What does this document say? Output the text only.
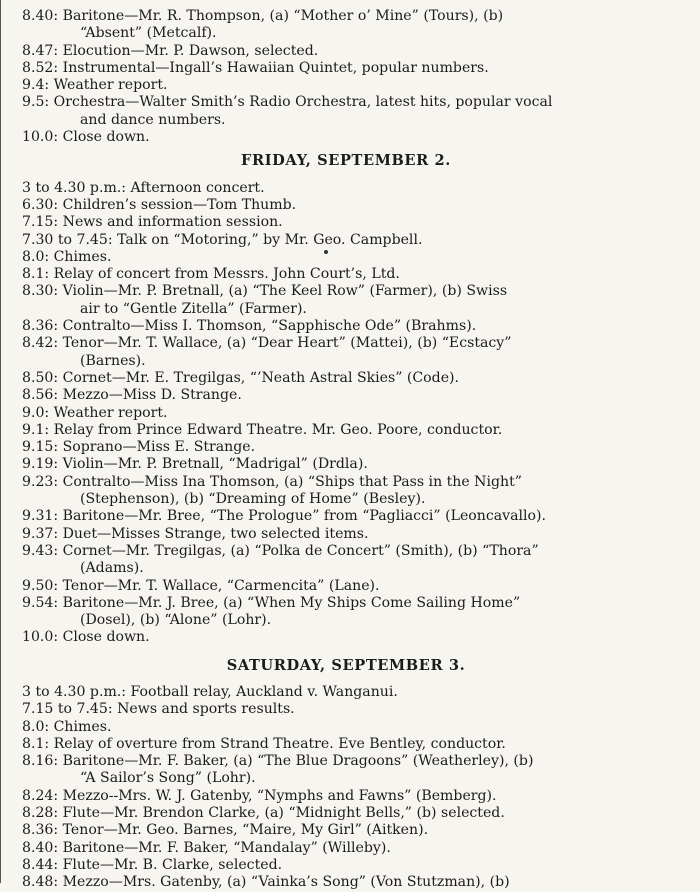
8.40: Baritone—Mr. R. Thompson, (a) “Mother o’ Mine” (Tours), (b)
“Absent” (Metcalf).
8.47: Elocution—Mr. P. Dawson, selected.
8.52: Instrumental—Ingall’s Hawaiian Quintet, popular numbers.
9.4: Weather report.
9.5: Orchestra—Walter Smith’s Radio Orchestra, latest hits, popular vocal
and dance numbers.
10.0: Close down.
FRIDAY, SEPTEMBER 2.
3 to 4.30 p.m.: Afternoon concert.
6.30: Children’s session—Tom Thumb.
7.15: News and information session.
7.30 to 7.45: Talk on “Motoring,” by Mr. Geo. Campbell.
8.0: Chimes.
8.1: Relay of concert from Messrs. John Court’s, Ltd.
8.30: Violin—Mr. P. Bretnall, (a) “The Keel Row” (Farmer), (b) Swiss
air to “Gentle Zitella” (Farmer).
8.36: Contralto—Miss I. Thomson, “Sapphische Ode” (Brahms).
8.42: Tenor—Mr. T. Wallace, (a) “Dear Heart” (Mattei), (b) “Ecstacy”
(Barnes).
8.50: Cornet—Mr. E. Tregilgas, “’Neath Astral Skies” (Code).
8.56: Mezzo—Miss D. Strange.
9.0: Weather report.
9.1: Relay from Prince Edward Theatre. Mr. Geo. Poore, conductor.
9.15: Soprano—Miss E. Strange.
9.19: Violin—Mr. P. Bretnall, “Madrigal” (Drdla).
9.23: Contralto—Miss Ina Thomson, (a) “Ships that Pass in the Night”
(Stephenson), (b) “Dreaming of Home” (Besley).
9.31: Baritone—Mr. Bree, “The Prologue” from “Pagliacci” (Leoncavallo).
9.37: Duet—Misses Strange, two selected items.
9.43: Cornet—Mr. Tregilgas, (a) “Polka de Concert” (Smith), (b) “Thora”
(Adams).
9.50: Tenor—Mr. T. Wallace, “Carmencita” (Lane).
9.54: Baritone—Mr. J. Bree, (a) “When My Ships Come Sailing Home”
(Dosel), (b) “Alone” (Lohr).
10.0: Close down.
SATURDAY, SEPTEMBER 3.
3 to 4.30 p.m.: Football relay, Auckland v. Wanganui.
7.15 to 7.45: News and sports results.
8.0: Chimes.
8.1: Relay of overture from Strand Theatre. Eve Bentley, conductor.
8.16: Baritone—Mr. F. Baker, (a) “The Blue Dragoons” (Weatherley), (b)
“A Sailor’s Song” (Lohr).
8.24: Mezzo--Mrs. W. J. Gatenby, “Nymphs and Fawns” (Bemberg).
8.28: Flute—Mr. Brendon Clarke, (a) “Midnight Bells,” (b) selected.
8.36: Tenor—Mr. Geo. Barnes, “Maire, My Girl” (Aitken).
8.40: Baritone—Mr. F. Baker, “Mandalay” (Willeby).
8.44: Flute—Mr. B. Clarke, selected.
8.48: Mezzo—Mrs. Gatenby, (a) “Vainka’s Song” (Von Stutzman), (b)
